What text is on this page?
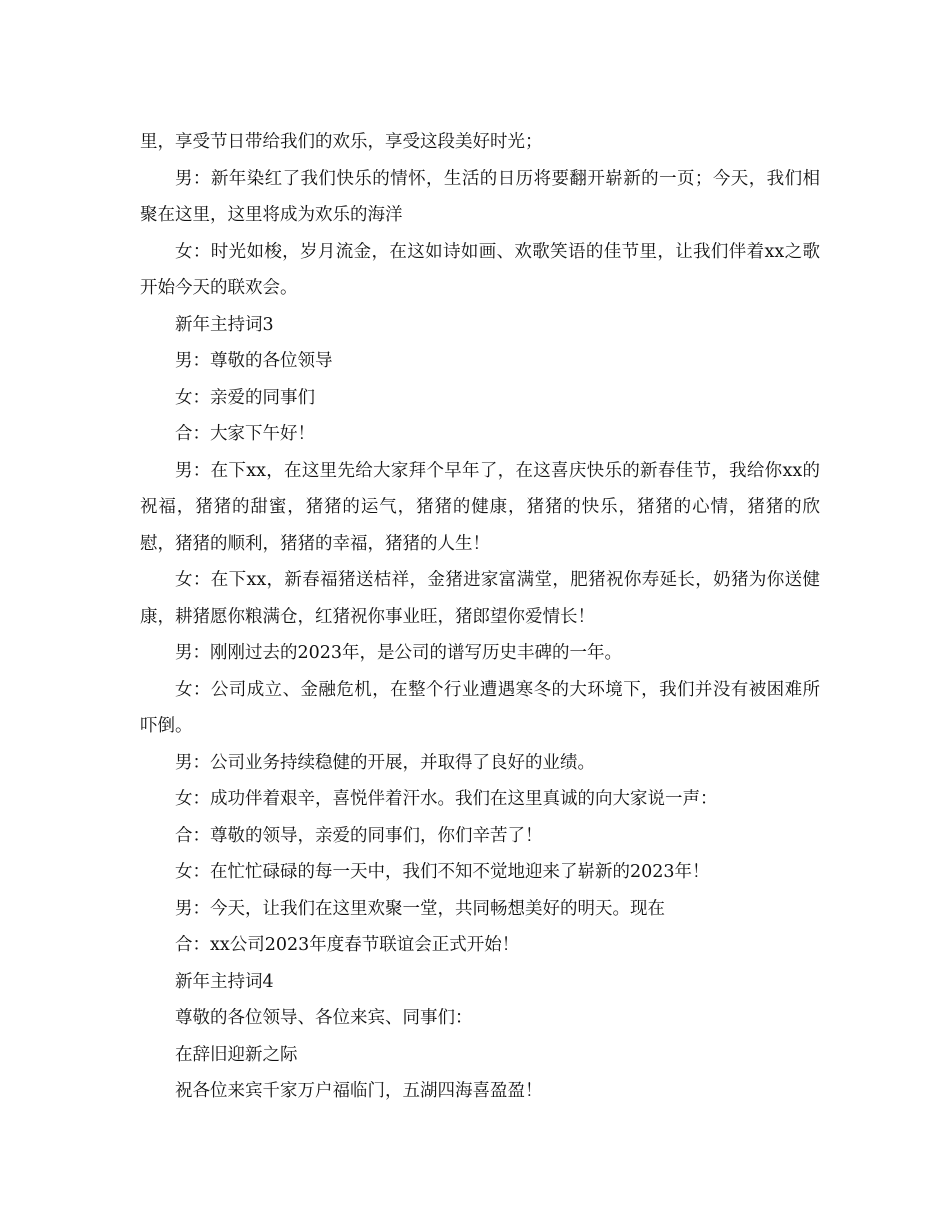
里，享受节日带给我们的欢乐，享受这段美好时光；

男：新年染红了我们快乐的情怀，生活的日历将要翻开崭新的一页；今天，我们相聚在这里，这里将成为欢乐的海洋

女：时光如梭，岁月流金，在这如诗如画、欢歌笑语的佳节里，让我们伴着xx之歌开始今天的联欢会。

新年主持词3

男：尊敬的各位领导

女：亲爱的同事们

合：大家下午好！

男：在下xx，在这里先给大家拜个早年了，在这喜庆快乐的新春佳节，我给你xx的祝福，猪猪的甜蜜，猪猪的运气，猪猪的健康，猪猪的快乐，猪猪的心情，猪猪的欣慰，猪猪的顺利，猪猪的幸福，猪猪的人生！

女：在下xx，新春福猪送桔祥，金猪进家富满堂，肥猪祝你寿延长，奶猪为你送健康，耕猪愿你粮满仓，红猪祝你事业旺，猪郎望你爱情长！

男：刚刚过去的2023年，是公司的谱写历史丰碑的一年。

女：公司成立、金融危机，在整个行业遭遇寒冬的大环境下，我们并没有被困难所吓倒。

男：公司业务持续稳健的开展，并取得了良好的业绩。

女：成功伴着艰辛，喜悦伴着汗水。我们在这里真诚的向大家说一声：

合：尊敬的领导，亲爱的同事们，你们辛苦了！

女：在忙忙碌碌的每一天中，我们不知不觉地迎来了崭新的2023年！

男：今天，让我们在这里欢聚一堂，共同畅想美好的明天。现在

合：xx公司2023年度春节联谊会正式开始！

新年主持词4

尊敬的各位领导、各位来宾、同事们：

在辞旧迎新之际

祝各位来宾千家万户福临门，五湖四海喜盈盈！
